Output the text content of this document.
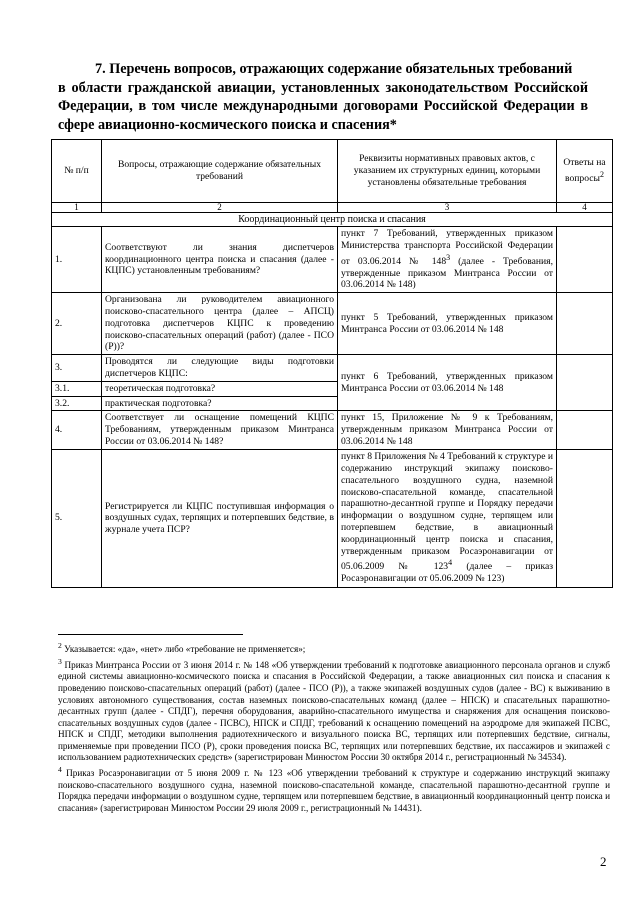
7. Перечень вопросов, отражающих содержание обязательных требований
в области гражданской авиации, установленных законодательством Российской Федерации, в том числе международными договорами Российской Федерации в сфере авиационно-космического поиска и спасения*
№ п/п	Вопросы, отражающие содержание обязательных требований	Реквизиты нормативных правовых актов, с указанием их структурных единиц, которыми установлены обязательные требования	Ответы на вопросы$^2$
1	2	3	4
Координационный центр поиска и спасания			
1.	Соответствуют ли знания диспетчеров координационного центра поиска и спасания (далее - КЦПС) установленным требованиям?	пункт 7 Требований, утвержденных приказом Министерства транспорта Российской Федерации от 03.06.2014 № $148^3$ (далее - Требования, утвержденные приказом Минтранса России от 03.06.2014 № 148)	
2.	Организована ли руководителем авиационного поисково-спасательного центра (далее – АПСЦ) подготовка диспетчеров КЦПС к проведению поисково-спасательных операций (работ) (далее - ПСО (Р))?	пункт 5 Требований, утвержденных приказом Минтранса России от 03.06.2014 № 148	
3.	Проводятся ли следующие виды подготовки диспетчеров КЦПС:	пункт 6 Требований, утвержденных приказом Минтранса России от 03.06.2014 № 148	
3.1.	теоретическая подготовка?		
3.2.	практическая подготовка?		
4.	Соответствует ли оснащение помещений КЦПС Требованиям, утвержденным приказом Минтранса России от 03.06.2014 № 148?	пункт 15, Приложение № 9 к Требованиям, утвержденным приказом Минтранса России от 03.06.2014 № 148	
5.	Регистрируется ли КЦПС поступившая информация о воздушных судах, терпящих и потерпевших бедствие, в журнале учета ПСР?	пункт 8 Приложения № 4 Требований к структуре и содержанию инструкций экипажу поисково-спасательного воздушного судна, наземной поисково-спасательной команде, спасательной парашютно-десантной группе и Порядку передачи информации о воздушном судне, терпящем или потерпевшем бедствие, в авиационный координационный центр поиска и спасания, утвержденным приказом Росаэронавигации от 05.06.2009 № $123^4$ (далее – приказ Росаэронавигации от 05.06.2009 № 123)	

$^2$ Указывается: «да», «нет» либо «требование не применяется»;

$^3$ Приказ Минтранса России от 3 июня 2014 г. № 148 «Об утверждении требований к подготовке авиационного персонала органов и служб единой системы авиационно-космического поиска и спасания в Российской Федерации, а также авиационных сил поиска и спасания к проведению поисково-спасательных операций (работ) (далее - ПСО (Р)), а также экипажей воздушных судов (далее - ВС) к выживанию в условиях автономного существования, состав наземных поисково-спасательных команд (далее – НПСК) и спасательных парашютно-десантных групп (далее - СПДГ), перечня оборудования, аварийно-спасательного имущества и снаряжения для оснащения поисково-спасательных воздушных судов (далее - ПСВС), НПСК и СПДГ, требований к оснащению помещений на аэродроме для экипажей ПСВС, НПСК и СПДГ, методики выполнения радиотехнического и визуального поиска ВС, терпящих или потерпевших бедствие, сигналы, применяемые при проведении ПСО (Р), сроки проведения поиска ВС, терпящих или потерпевших бедствие, их пассажиров и экипажей с использованием радиотехнических средств» (зарегистрирован Минюстом России 30 октября 2014 г., регистрационный № 34534).

$^4$ Приказ Росаэронавигации от 5 июня 2009 г. № 123 «Об утверждении требований к структуре и содержанию инструкций экипажу поисково-спасательного воздушного судна, наземной поисково-спасательной команде, спасательной парашютно-десантной группе и Порядка передачи информации о воздушном судне, терпящем или потерпевшем бедствие, в авиационный координационный центр поиска и спасания» (зарегистрирован Минюстом России 29 июля 2009 г., регистрационный № 14431).

2
